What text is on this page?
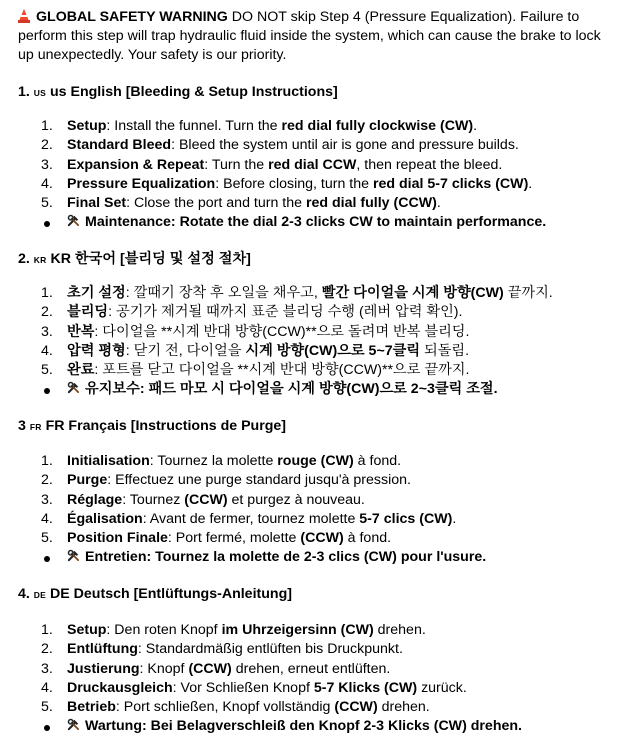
GLOBAL SAFETY WARNING DO NOT skip Step 4 (Pressure Equalization). Failure to perform this step will trap hydraulic fluid inside the system, which can cause the brake to lock up unexpectedly. Your safety is our priority.

1. US us English [Bleeding & Setup Instructions]

1. Setup: Install the funnel. Turn the red dial fully clockwise (CW).
2. Standard Bleed: Bleed the system until air is gone and pressure builds.
3. Expansion & Repeat: Turn the red dial CCW, then repeat the bleed.
4. Pressure Equalization: Before closing, turn the red dial 5-7 clicks (CW).
5. Final Set: Close the port and turn the red dial fully (CCW).
Maintenance: Rotate the dial 2-3 clicks CW to maintain performance.

2. KR KR 한국어 [블리딩 및 설정 절차]

1. 초기 설정: 깔때기 장착 후 오일을 채우고, 빨간 다이얼을 시계 방향(CW) 끝까지.
2. 블리딩: 공기가 제거될 때까지 표준 블리딩 수행 (레버 압력 확인).
3. 반복: 다이얼을 **시계 반대 방향(CCW)**으로 돌려며 반복 블리딩.
4. 압력 평형: 닫기 전, 다이얼을 시계 방향(CW)으로 5~7클릭 되돌림.
5. 완료: 포트를 닫고 다이얼을 **시계 반대 방향(CCW)**으로 끝까지.
유지보수: 패드 마모 시 다이얼을 시계 방향(CW)으로 2~3클릭 조절.

3 FR FR Français [Instructions de Purge]

1. Initialisation: Tournez la molette rouge (CW) à fond.
2. Purge: Effectuez une purge standard jusqu'à pression.
3. Réglage: Tournez (CCW) et purgez à nouveau.
4. Égalisation: Avant de fermer, tournez molette 5-7 clics (CW).
5. Position Finale: Port fermé, molette (CCW) à fond.
Entretien: Tournez la molette de 2-3 clics (CW) pour l'usure.

4. DE DE Deutsch [Entlüftungs-Anleitung]

1. Setup: Den roten Knopf im Uhrzeigersinn (CW) drehen.
2. Entlüftung: Standardmäßig entlüften bis Druckpunkt.
3. Justierung: Knopf (CCW) drehen, erneut entlüften.
4. Druckausgleich: Vor Schließen Knopf 5-7 Klicks (CW) zurück.
5. Betrieb: Port schließen, Knopf vollständig (CCW) drehen.
Wartung: Bei Belagverschleiß den Knopf 2-3 Klicks (CW) drehen.
